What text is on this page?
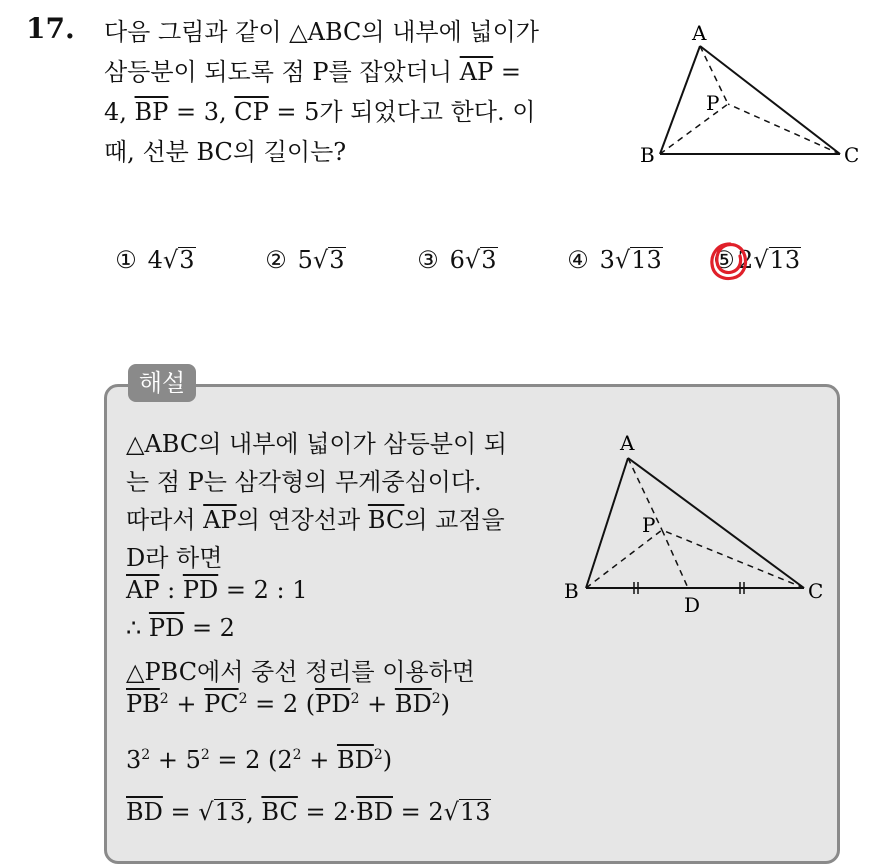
17. 다음 그림과 같이 △ABC의 내부에 넓이가
삼등분이 되도록 점 P를 잡았더니 $\overline{AP}$ =
4, $\overline{BP} = 3$, $\overline{CP} = 5$가 되었다고 한다. 이
때, 선분 BC의 길이는?
A
B	C
P
① 4√3	② 5√3	③ 6√3	④ 3√13 ⑤ 2√13
해설
△ABC의 내부에 넓이가 삼등분이 되
는 점 P는 삼각형의 무게중심이다.
따라서 $\overline{AP}$의 연장선과 $\overline{BC}$의 교점을
D라 하면
$\overline{AP}$ : $\overline{PD} = 2$ : 1
∴ $\overline{PD} = 2$
△PBC에서 중선 정리를 이용하면
$\overline{PB}^2 + \overline{PC}^2 = 2$ $(\overline{PD}^2 + \overline{BD}^2)$
$3^2 + 5^2 = 2$ $(2^2 + \overline{BD}^2)$
$\overline{BD} = √13$, $\overline{BC} = 2\cdot\overline{BD} = 2√13$
A
B	C
P
D
